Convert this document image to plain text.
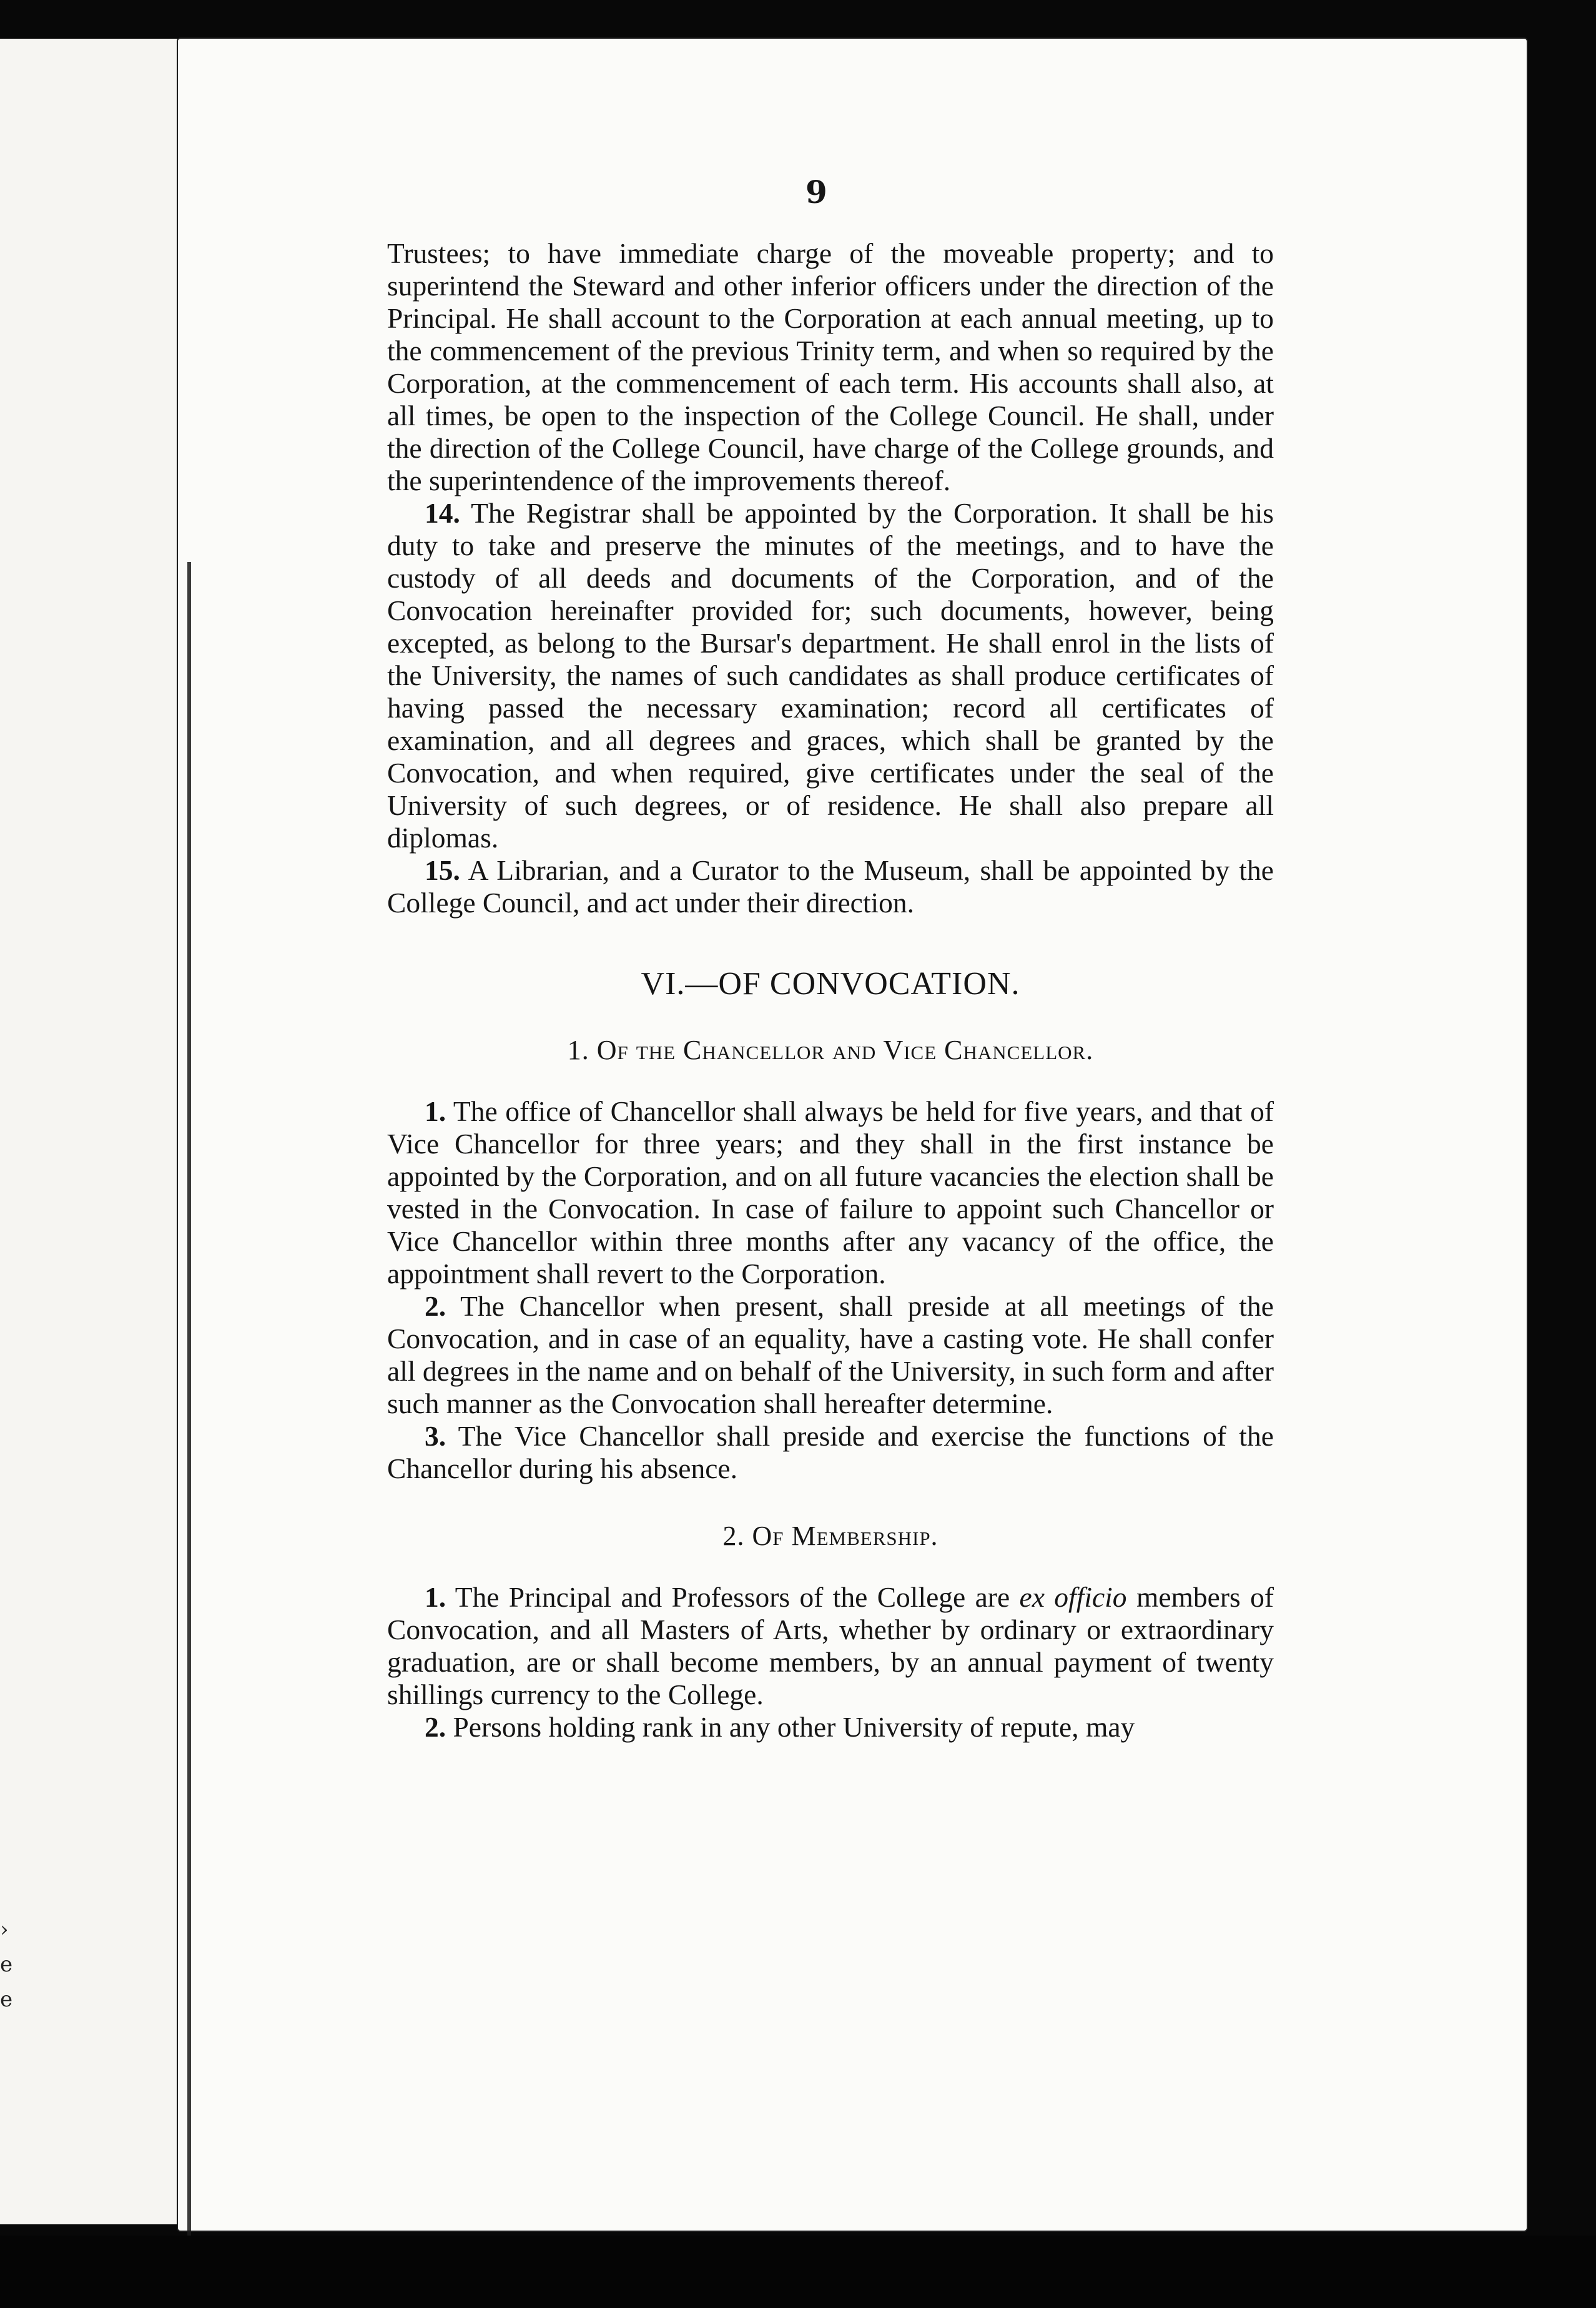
›
e
e
9

Trustees; to have immediate charge of the moveable property; and to superintend the Steward and other inferior officers under the direction of the Principal. He shall account to the Corporation at each annual meeting, up to the commencement of the previous Trinity term, and when so required by the Corporation, at the commencement of each term. His accounts shall also, at all times, be open to the inspection of the College Council. He shall, under the direction of the College Council, have charge of the College grounds, and the superintendence of the improvements thereof.

14. The Registrar shall be appointed by the Corporation. It shall be his duty to take and preserve the minutes of the meetings, and to have the custody of all deeds and documents of the Corporation, and of the Convocation hereinafter provided for; such documents, however, being excepted, as belong to the Bursar's department. He shall enrol in the lists of the University, the names of such candidates as shall produce certificates of having passed the necessary examination; record all certificates of examination, and all degrees and graces, which shall be granted by the Convocation, and when required, give certificates under the seal of the University of such degrees, or of residence. He shall also prepare all diplomas.

15. A Librarian, and a Curator to the Museum, shall be appointed by the College Council, and act under their direction.

VI.—OF CONVOCATION.
1. Of the Chancellor and Vice Chancellor.

1. The office of Chancellor shall always be held for five years, and that of Vice Chancellor for three years; and they shall in the first instance be appointed by the Corporation, and on all future vacancies the election shall be vested in the Convocation. In case of failure to appoint such Chancellor or Vice Chancellor within three months after any vacancy of the office, the appointment shall revert to the Corporation.

2. The Chancellor when present, shall preside at all meetings of the Convocation, and in case of an equality, have a casting vote. He shall confer all degrees in the name and on behalf of the University, in such form and after such manner as the Convocation shall hereafter determine.

3. The Vice Chancellor shall preside and exercise the functions of the Chancellor during his absence.

2. Of Membership.

1. The Principal and Professors of the College are ex officio members of Convocation, and all Masters of Arts, whether by ordinary or extraordinary graduation, are or shall become members, by an annual payment of twenty shillings currency to the College.

2. Persons holding rank in any other University of repute, may
